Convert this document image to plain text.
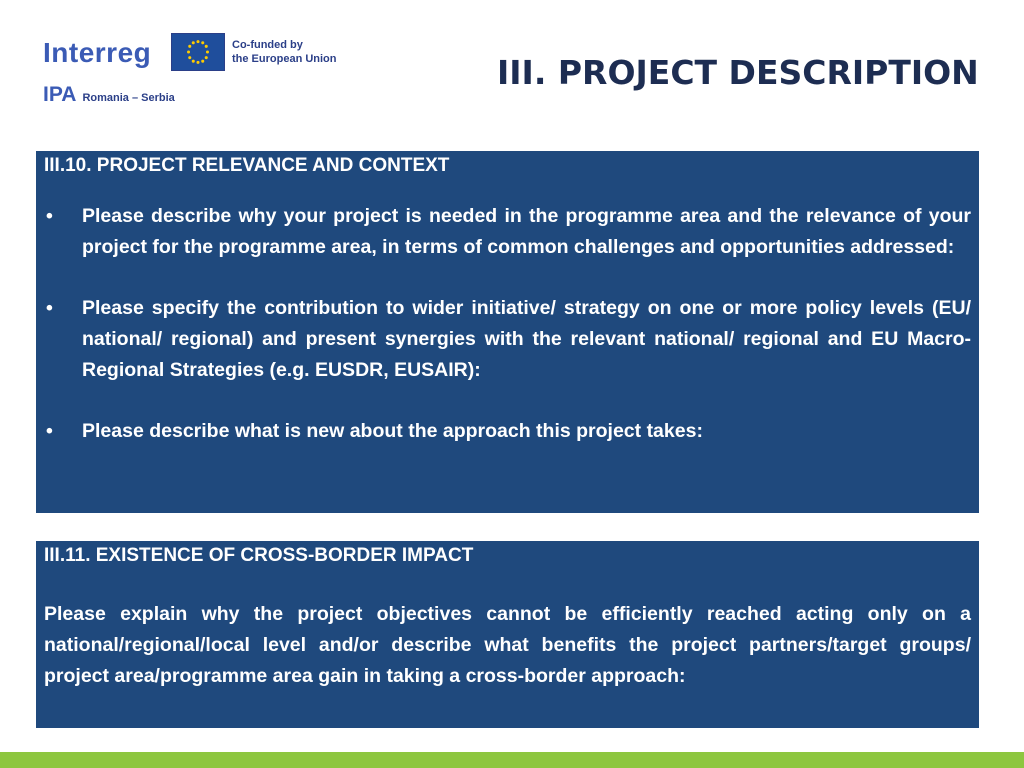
Interreg	Co-funded by
the European Union
IPA Romania – Serbia
III. PROJECT DESCRIPTION
III.10. PROJECT RELEVANCE AND CONTEXT
•	Please describe why your project is needed in the programme area and the relevance of your project for the programme area, in terms of common challenges and opportunities addressed:
•	Please specify the contribution to wider initiative/ strategy on one or more policy levels (EU/ national/ regional) and present synergies with the relevant national/ regional and EU Macro-Regional Strategies (e.g. EUSDR, EUSAIR):
•	Please describe what is new about the approach this project takes:
III.11. EXISTENCE OF CROSS-BORDER IMPACT
Please explain why the project objectives cannot be efficiently reached acting only on a national/regional/local level and/or describe what benefits the project partners/target groups/ project area/programme area gain in taking a cross-border approach:
